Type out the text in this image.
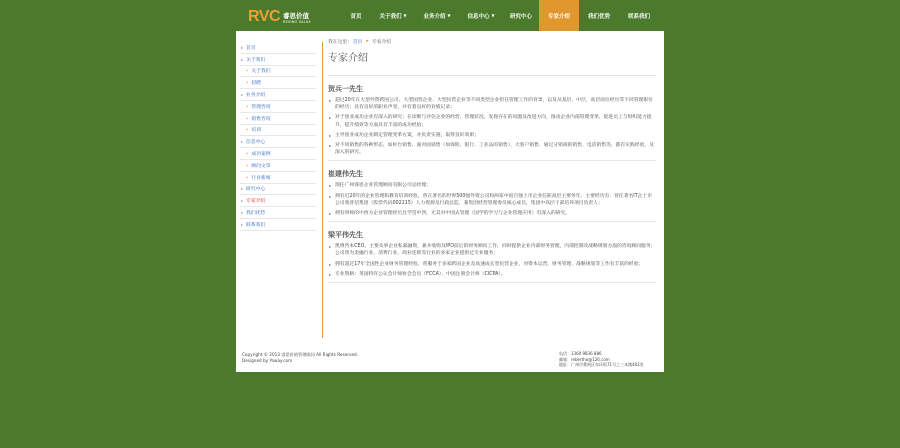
RVC 睿思价值
RESINO VALUE
首页	关于我们 ▼	业务介绍 ▼	信息中心 ▼	研究中心	专家介绍	我们优势	联系我们
▸ 首页
▸ 关于我们
• 关于我们
• 招聘
▸ 业务介绍
• 管理咨询
• 销售咨询
• 培训
▸ 信息中心
• 成功案例
• 顾问文章
• 行业新闻
▸ 研究中心
▸ 专家介绍
▸ 我们优势
▸ 联系我们
我在这里: 首页 ▸ 专家介绍
专家介绍
贺兵一先生
▸ 超过20年在大型外资跨国公司、大型国营企业、大型民营企业等不同类型企业担任管理工作的背景，以及从基层、中层、高层岗位经历等不同管理职位的经历；具有良好的职业声誉，并有着良好的业绩记录；
▸ 对于创业成功企业有深入的研究；在诊断与评估企业的经营、管理状况，发现存在的问题及改进方向，推动企业内部管理变革，促进员工与组织能力提升，提升绩效等方面具有丰富的成功经验；
▸ 主导创业成功企业制定管理变革方案，并负责实施，取得良好效果；
▸ 对不同销售的各种形态，如柜台销售、面对面销售（如保险、银行、工业品的销售）、大客户销售、通过分销商的销售、电话销售等，都有实践经验，及深入的研究。
崔建伟先生
▸ 现任广州睿思企业管理顾问有限公司总经理；
▸ 拥有近20年的企业管理和教育培训经验，曾在著名的世界500强外资公司和两家中国百强上市企业任职高层主要务年。主要经历有：曾任著名IT企上市公司奥普信集团（股票代码002215）人力资源及行政总监，兼集团经营管理委员核心成员，集团中高层干部培养项目负责人；
▸ 拥有将帅的中西方企业管理经历且学贯中西，尤其对中国式管理（国学的学习与企业管理应用）有深入的研究。
梁平伟先生
▸ 凯博咨本CEO。主要从事企业私募融资，兼并收购及IPO前后的财务顾问工作，同时提供企业内部财务管理，内部控制及战略规划方面的咨询顾问服务；公司曾为金融行业、消费行业、商业连锁等行业的多家企业提供过专业服务；
▸ 拥有超过17年全国性企业财务管理经验，曾服务于多家跨国企业及高速成长型民营企业，对资本运营、财务管理、战略规划等工作有丰富的经验；
▸ 专业资格：英国特许公认会计师协会会员（FCCA）、中国注册会计师（CICPA）。
Copyright © 2013 睿思价值管理顾问 All Rights Reserved.
Designed by Yoway.com
电话：1360 9836 886
邮箱：rebertho@126.com
地址：广州市番禺区东环街71号之三本楼402室
